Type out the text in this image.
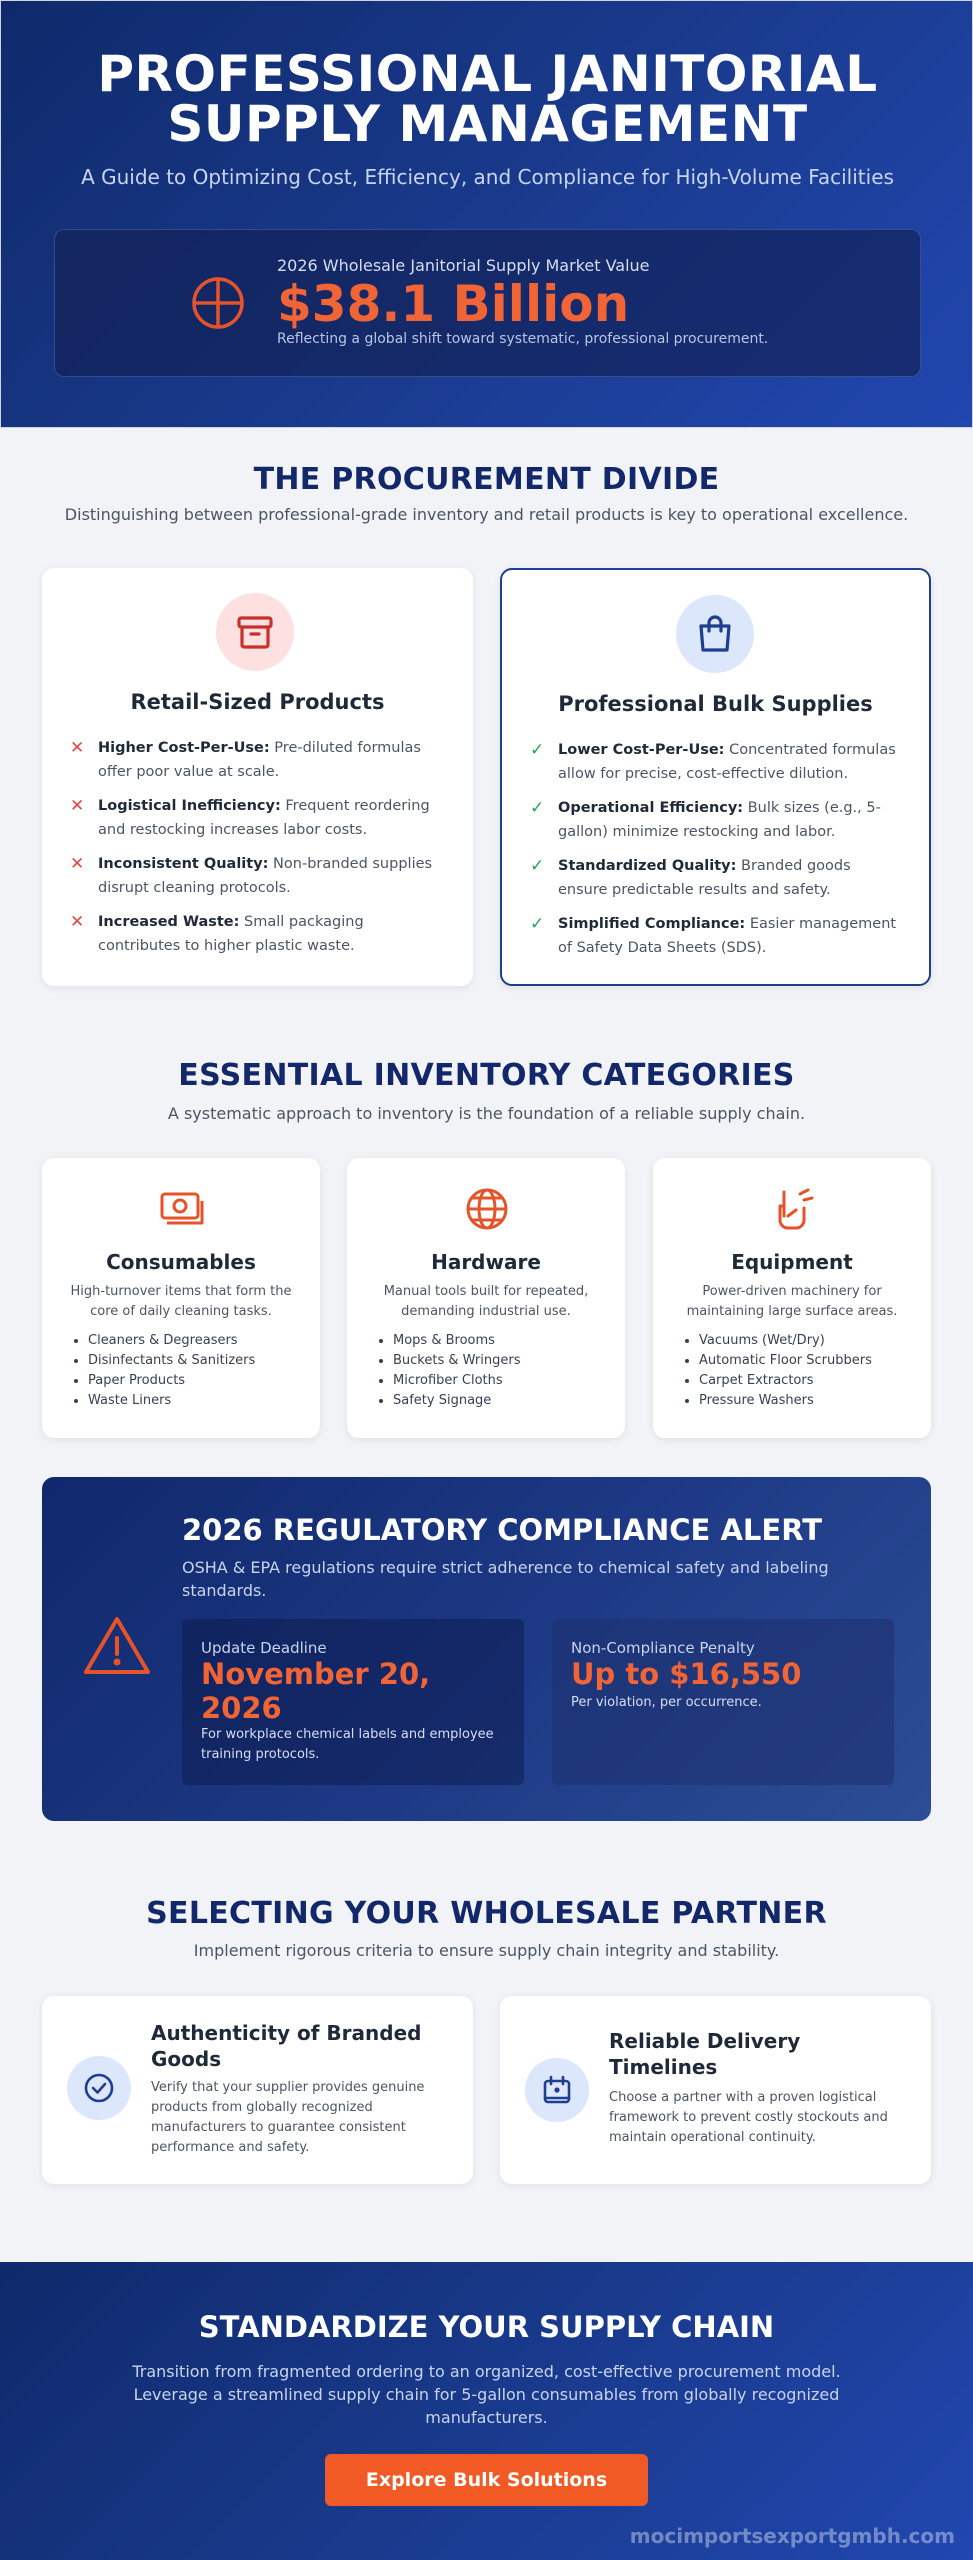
PROFESSIONAL JANITORIAL
SUPPLY MANAGEMENT
A Guide to Optimizing Cost, Efficiency, and Compliance for High-Volume Facilities
2026 Wholesale Janitorial Supply Market Value
$38.1 Billion
Reflecting a global shift toward systematic, professional procurement.
THE PROCUREMENT DIVIDE
Distinguishing between professional-grade inventory and retail products is key to operational excellence.
Retail-Sized Products
✕ Higher Cost-Per-Use: Pre-diluted formulas offer poor value at scale.
✕ Logistical Inefficiency: Frequent reordering and restocking increases labor costs.
✕ Inconsistent Quality: Non-branded supplies disrupt cleaning protocols.
✕ Increased Waste: Small packaging contributes to higher plastic waste.
Professional Bulk Supplies
✓ Lower Cost-Per-Use: Concentrated formulas allow for precise, cost-effective dilution.
✓ Operational Efficiency: Bulk sizes (e.g., 5-gallon) minimize restocking and labor.
✓ Standardized Quality: Branded goods ensure predictable results and safety.
✓ Simplified Compliance: Easier management of Safety Data Sheets (SDS).
ESSENTIAL INVENTORY CATEGORIES
A systematic approach to inventory is the foundation of a reliable supply chain.
Consumables
High-turnover items that form the core of daily cleaning tasks.
• Cleaners & Degreasers
• Disinfectants & Sanitizers
• Paper Products
• Waste Liners
Hardware
Manual tools built for repeated, demanding industrial use.
• Mops & Brooms
• Buckets & Wringers
• Microfiber Cloths
• Safety Signage
Equipment
Power-driven machinery for maintaining large surface areas.
• Vacuums (Wet/Dry)
• Automatic Floor Scrubbers
• Carpet Extractors
• Pressure Washers
2026 REGULATORY COMPLIANCE ALERT
OSHA & EPA regulations require strict adherence to chemical safety and labeling standards.
Update Deadline
November 20, 2026
For workplace chemical labels and employee training protocols.
Non-Compliance Penalty
Up to $16,550
Per violation, per occurrence.
SELECTING YOUR WHOLESALE PARTNER
Implement rigorous criteria to ensure supply chain integrity and stability.
Authenticity of Branded Goods
Verify that your supplier provides genuine products from globally recognized manufacturers to guarantee consistent performance and safety.
Reliable Delivery Timelines
Choose a partner with a proven logistical framework to prevent costly stockouts and maintain operational continuity.
STANDARDIZE YOUR SUPPLY CHAIN
Transition from fragmented ordering to an organized, cost-effective procurement model. Leverage a streamlined supply chain for 5-gallon consumables from globally recognized manufacturers.
Explore Bulk Solutions
mocimportsexportgmbh.com
